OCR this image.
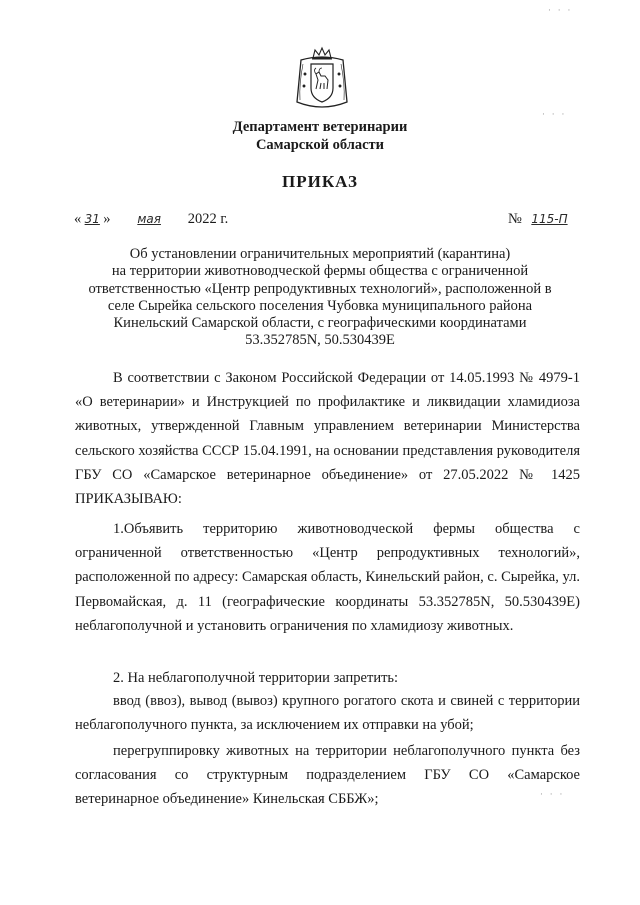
Департамент ветеринарии
Самарской области
ПРИКАЗ
« 31 » мая 2022 г.	№ 115-П
Об установлении ограничительных мероприятий (карантина)
на территории животноводческой фермы общества с ограниченной
ответственностью «Центр репродуктивных технологий», расположенной в
селе Сырейка сельского поселения Чубовка муниципального района
Кинельский Самарской области, с географическими координатами
53.352785N, 50.530439E

В соответствии с Законом Российской Федерации от 14.05.1993 № 4979-1 «О ветеринарии» и Инструкцией по профилактике и ликвидации хламидиоза животных, утвержденной Главным управлением ветеринарии Министерства сельского хозяйства СССР 15.04.1991, на основании представления руководителя ГБУ СО «Самарское ветеринарное объединение» от 27.05.2022 № 1425 ПРИКАЗЫВАЮ:

1.Объявить территорию животноводческой фермы общества с ограниченной ответственностью «Центр репродуктивных технологий», расположенной по адресу: Самарская область, Кинельский район, с. Сырейка, ул. Первомайская, д. 11 (географические координаты 53.352785N, 50.530439E) неблагополучной и установить ограничения по хламидиозу животных.

2. На неблагополучной территории запретить:

ввод (ввоз), вывод (вывоз) крупного рогатого скота и свиней с территории неблагополучного пункта, за исключением их отправки на убой;

перегруппировку животных на территории неблагополучного пункта без согласования со структурным подразделением ГБУ СО «Самарское ветеринарное объединение» Кинельская СББЖ»;

· · ·
· · ·
· · ·
